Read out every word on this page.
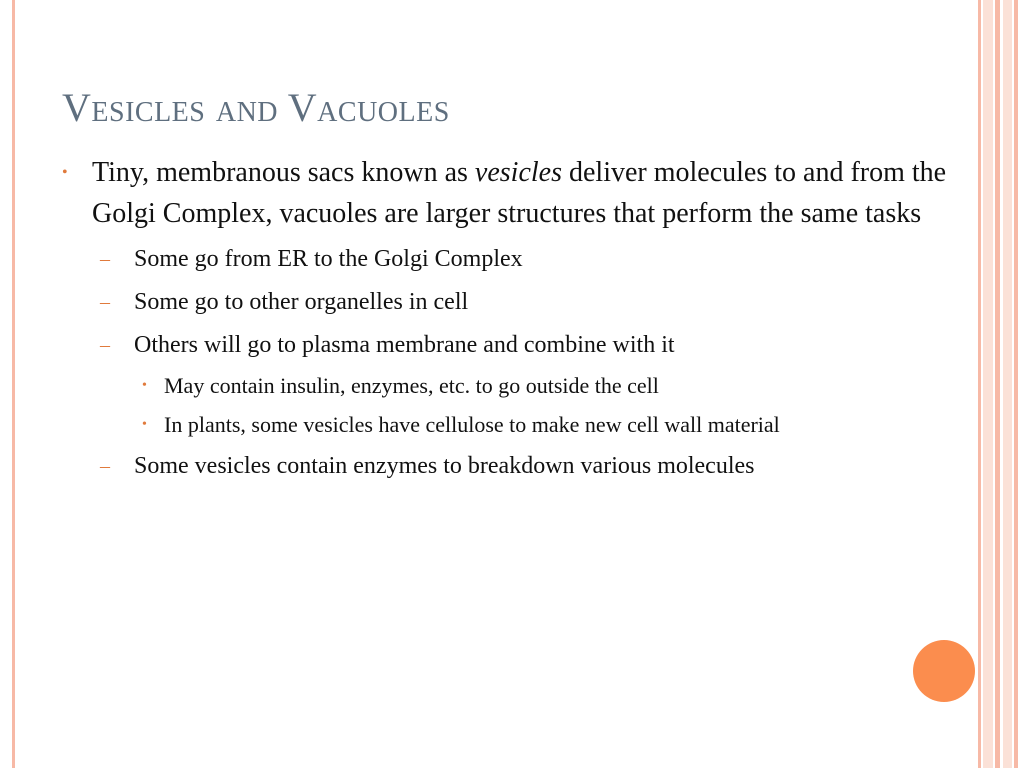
Vesicles and Vacuoles
• Tiny, membranous sacs known as vesicles deliver molecules to and from the Golgi Complex, vacuoles are larger structures that perform the same tasks
– Some go from ER to the Golgi Complex
– Some go to other organelles in cell
– Others will go to plasma membrane and combine with it
• May contain insulin, enzymes, etc. to go outside the cell
• In plants, some vesicles have cellulose to make new cell wall material
– Some vesicles contain enzymes to breakdown various molecules
